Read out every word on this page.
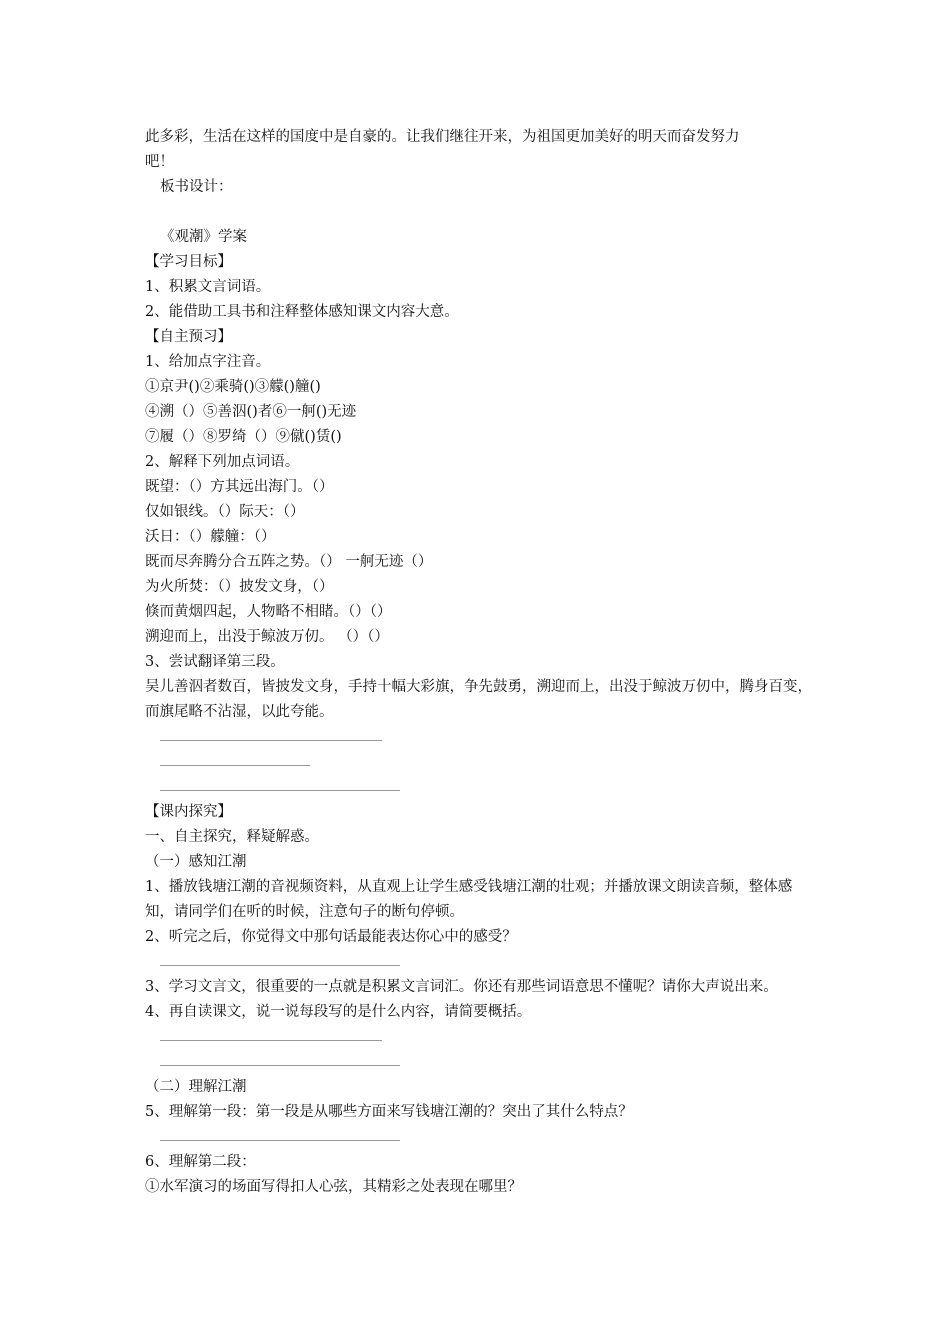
此多彩，生活在这样的国度中是自豪的。让我们继往开来，为祖国更加美好的明天而奋发努力
吧！
板书设计：
《观潮》学案
【学习目标】
1、积累文言词语。
2、能借助工具书和注释整体感知课文内容大意。
【自主预习】
1、给加点字注音。
①京尹()②乘骑()③艨()艟()
④溯（）⑤善泅()者⑥一舸()无迹
⑦履（）⑧罗绮（）⑨僦()赁()
2、解释下列加点词语。
既望：（）方其远出海门。（）
仅如银线。（）际天：（）
沃日：（）艨艟：（）
既而尽奔腾分合五阵之势。（） 一舸无迹（）
为火所焚：（）披发文身，（）
倏而黄烟四起，人物略不相睹。（）（）
溯迎而上，出没于鲸波万仞。 （）（）
3、尝试翻译第三段。
吴儿善泅者数百，皆披发文身，手持十幅大彩旗，争先鼓勇，溯迎而上，出没于鲸波万仞中，腾身百变，而旗尾略不沾湿，以此夸能。
【课内探究】
一、自主探究，释疑解惑。
（一）感知江潮
1、播放钱塘江潮的音视频资料，从直观上让学生感受钱塘江潮的壮观；并播放课文朗读音频，整体感知，请同学们在听的时候，注意句子的断句停顿。
2、听完之后，你觉得文中那句话最能表达你心中的感受？
3、学习文言文，很重要的一点就是积累文言词汇。你还有那些词语意思不懂呢？请你大声说出来。
4、再自读课文，说一说每段写的是什么内容，请简要概括。
（二）理解江潮
5、理解第一段：第一段是从哪些方面来写钱塘江潮的？突出了其什么特点？
6、理解第二段：
①水军演习的场面写得扣人心弦，其精彩之处表现在哪里？
